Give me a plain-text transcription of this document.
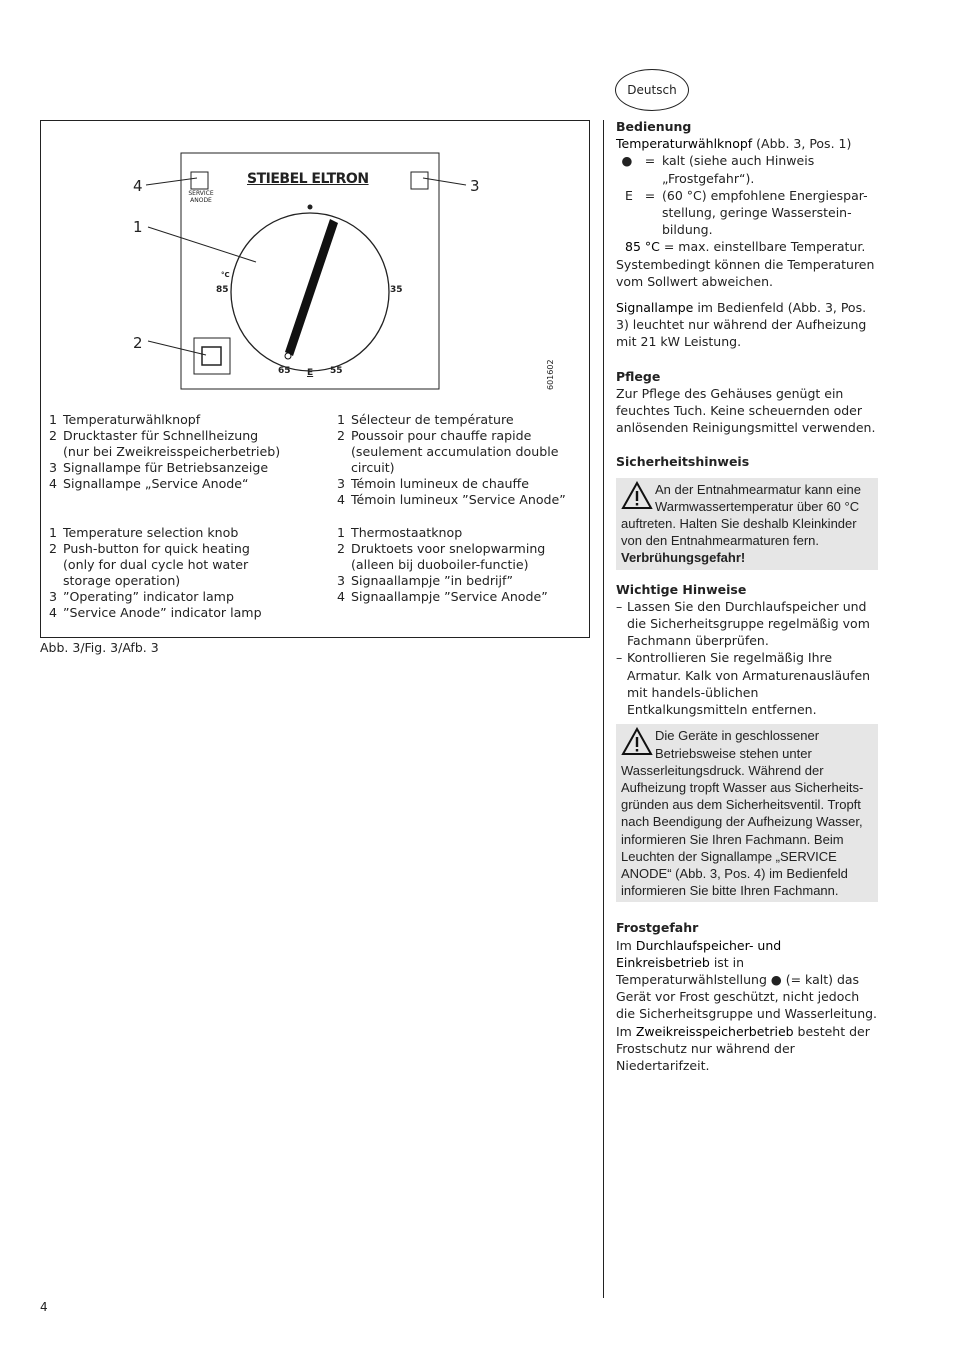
Deutsch
STIEBEL ELTRON
SERVICE ANODE
4	3
1
2
°C
85	35
65 E 55	601602
1 Temperaturwählknopf
2 Drucktaster für Schnellheizung (nur bei Zweikreisspeicherbetrieb)
3 Signallampe für Betriebsanzeige
4 Signallampe „Service Anode“
1 Sélecteur de température
2 Poussoir pour chauffe rapide (seulement accumulation double circuit)
3 Témoin lumineux de chauffe
4 Témoin lumineux ”Service Anode”
1 Temperature selection knob
2 Push-button for quick heating (only for dual cycle hot water storage operation)
3 ”Operating” indicator lamp
4 ”Service Anode” indicator lamp
1 Thermostaatknop
2 Druktoets voor snelopwarming (alleen bij duoboiler-functie)
3 Signaallampje ”in bedrijf”
4 Signaallampje ”Service Anode”
Abb. 3/Fig. 3/Afb. 3
Bedienung
Temperaturwählknopf (Abb. 3, Pos. 1)
● = kalt (siehe auch Hinweis „Frostgefahr“).
E = (60 °C) empfohlene Energiespar-stellung, geringe Wasserstein-bildung.
85 °C = max. einstellbare Temperatur. Systembedingt können die Temperaturen vom Sollwert abweichen.
Signallampe im Bedienfeld (Abb. 3, Pos. 3) leuchtet nur während der Aufheizung mit 21 kW Leistung.
Pflege
Zur Pflege des Gehäuses genügt ein feuchtes Tuch. Keine scheuernden oder anlösenden Reinigungsmittel verwenden.
Sicherheitshinweis
An der Entnahmearmatur kann eine Warmwassertemperatur über 60 °C auftreten. Halten Sie deshalb Kleinkinder von den Entnahmearmaturen fern.
Verbrühungsgefahr!
Wichtige Hinweise
– Lassen Sie den Durchlaufspeicher und die Sicherheitsgruppe regelmäßig vom Fachmann überprüfen.
– Kontrollieren Sie regelmäßig Ihre Armatur. Kalk von Armaturenausläufen mit handels-üblichen Entkalkungsmitteln entfernen.
Die Geräte in geschlossener Betriebsweise stehen unter Wasserleitungsdruck. Während der Aufheizung tropft Wasser aus Sicherheits-gründen aus dem Sicherheitsventil. Tropft nach Beendigung der Aufheizung Wasser, informieren Sie Ihren Fachmann. Beim Leuchten der Signallampe „SERVICE ANODE“ (Abb. 3, Pos. 4) im Bedienfeld informieren Sie bitte Ihren Fachmann.
Frostgefahr
Im Durchlaufspeicher- und Einkreisbetrieb ist in Temperaturwählstellung ● (= kalt) das Gerät vor Frost geschützt, nicht jedoch die Sicherheitsgruppe und Wasserleitung.
Im Zweikreisspeicherbetrieb besteht der Frostschutz nur während der Niedertarifzeit.
4
